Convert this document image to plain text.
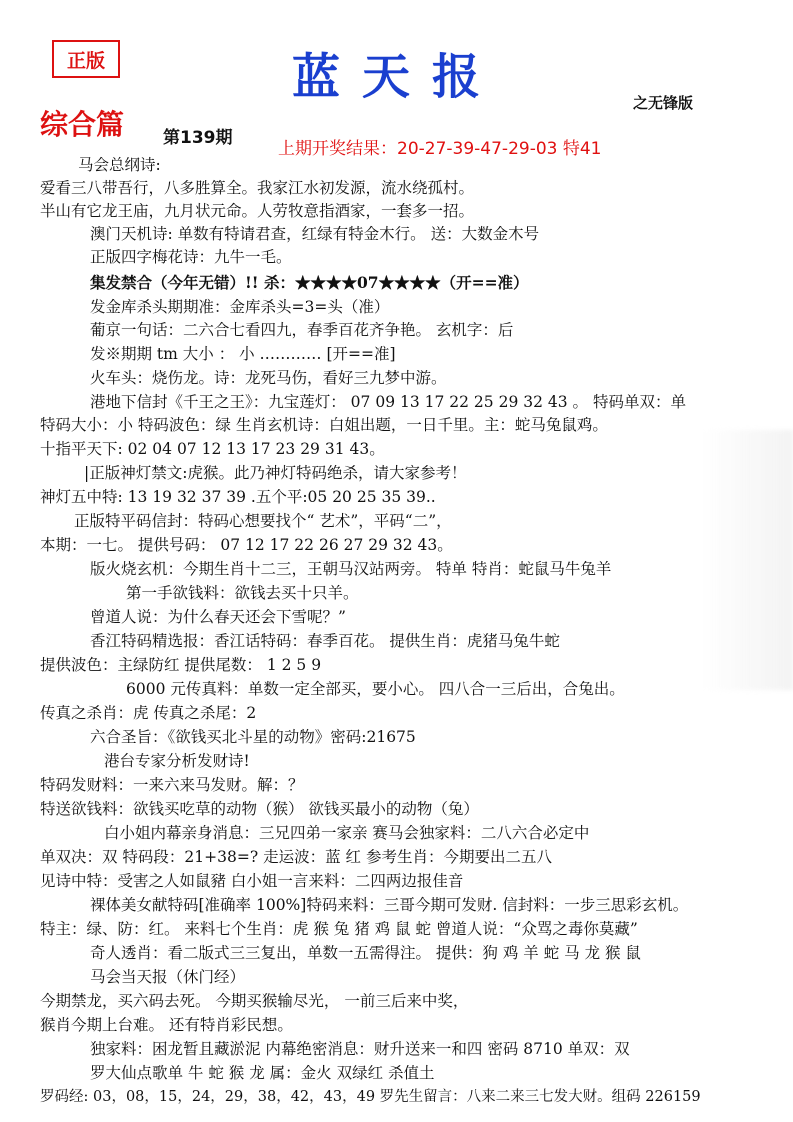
正版	蓝天报	之无锋版
综合篇 第139期
上期开奖结果：20-27-39-47-29-03 特41
马会总纲诗:
爱看三八带吾行，八多胜算全。我家江水初发源，流水绕孤村。
半山有它龙王庙，九月状元命。人劳牧意指酒家，一套多一招。
澳门天机诗: 单数有特请君查，红绿有特金木行。 送：大数金木号
正版四字梅花诗：九牛一毛。
集发禁合（今年无错）!! 杀：★★★★07★★★★（开==准）
发金库杀头期期准：金库杀头=3=头（准）
葡京一句话：二六合七看四九，春季百花齐争艳。 玄机字：后
发※期期 tm 大小 ： 小 ………… [开==准]
火车头：烧伤龙。诗：龙死马伤，看好三九梦中游。
港地下信封《千王之王》：九宝莲灯： 07 09 13 17 22 25 29 32 43 。 特码单双：单
特码大小：小 特码波色：绿 生肖玄机诗：白姐出题，一日千里。主：蛇马兔鼠鸡。
十指平天下: 02 04 07 12 13 17 23 29 31 43。
|正版神灯禁文:虎猴。此乃神灯特码绝杀，请大家参考！
神灯五中特: 13 19 32 37 39 .五个平:05 20 25 35 39..
正版特平码信封：特码心想要找个“ 艺术”，平码“二”，
本期：一七。 提供号码： 07 12 17 22 26 27 29 32 43。
版火烧玄机：今期生肖十二三，王朝马汉站两旁。 特单 特肖：蛇鼠马牛兔羊
第一手欲钱料：欲钱去买十只羊。
曾道人说：为什么春天还会下雪呢？”
香江特码精选报：香江话特码：春季百花。 提供生肖：虎猪马兔牛蛇
提供波色：主绿防红 提供尾数： 1 2 5 9
6000 元传真料：单数一定全部买，要小心。 四八合一三后出，合兔出。
传真之杀肖：虎 传真之杀尾：2
六合圣旨：《欲钱买北斗星的动物》密码:21675
港台专家分析发财诗!
特码发财料：一来六来马发财。解：？
特送欲钱料：欲钱买吃草的动物（猴） 欲钱买最小的动物（兔）
白小姐内幕亲身消息：三兄四弟一家亲 赛马会独家料：二八六合必定中
单双决：双 特码段：21+38=? 走运波：蓝 红 参考生肖：今期要出二五八
见诗中特：受害之人如鼠豬 白小姐一言来料：二四两边报佳音
裸体美女献特码[准确率 100%]特码来料：三哥今期可发财. 信封料：一步三思彩玄机。
特主：绿、防：红。 来料七个生肖：虎 猴 兔 猪 鸡 鼠 蛇 曾道人说：“众骂之毒你莫藏”
奇人透肖：看二版式三三复出，单数一五需得注。 提供：狗 鸡 羊 蛇 马 龙 猴 鼠
马会当天报（休门经）
今期禁龙，买六码去死。 今期买猴输尽光， 一前三后来中奖，
猴肖今期上台难。 还有特肖彩民想。
独家料：困龙暂且藏淤泥 内幕绝密消息：财升送来一和四 密码 8710 单双：双
罗大仙点歌单 牛 蛇 猴 龙 属：金火 双绿红 杀值土
罗码经: 03，08，15，24，29，38，42，43，49 罗先生留言：八来二来三七发大财。组码 226159
